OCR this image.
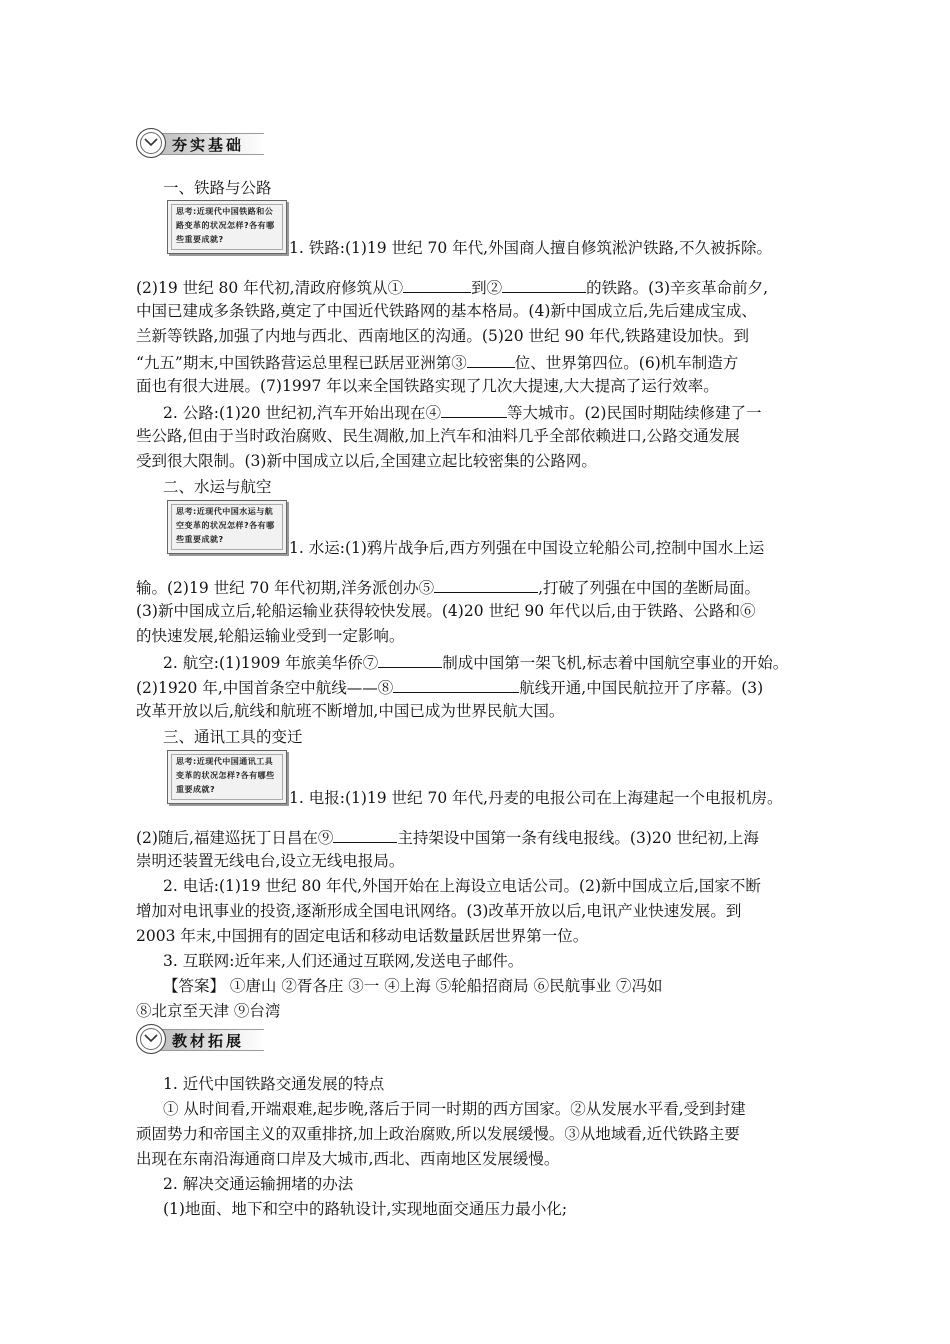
夯实基础
一、铁路与公路
思考:近现代中国铁路和公路变革的状况怎样?各有哪些重要成就?	1. 铁路:(1)19 世纪 70 年代,外国商人擅自修筑淞沪铁路,不久被拆除。
(2)19 世纪 80 年代初,清政府修筑从①	到②	的铁路。(3)辛亥革命前夕,
中国已建成多条铁路,奠定了中国近代铁路网的基本格局。(4)新中国成立后,先后建成宝成、
兰新等铁路,加强了内地与西北、西南地区的沟通。(5)20 世纪 90 年代,铁路建设加快。到
“九五”期末,中国铁路营运总里程已跃居亚洲第③	位、世界第四位。(6)机车制造方
面也有很大进展。(7)1997 年以来全国铁路实现了几次大提速,大大提高了运行效率。
2. 公路:(1)20 世纪初,汽车开始出现在④	等大城市。(2)民国时期陆续修建了一
些公路,但由于当时政治腐败、民生凋敝,加上汽车和油料几乎全部依赖进口,公路交通发展
受到很大限制。(3)新中国成立以后,全国建立起比较密集的公路网。
二、水运与航空
思考:近现代中国水运与航空变革的状况怎样?各有哪些重要成就?	1. 水运:(1)鸦片战争后,西方列强在中国设立轮船公司,控制中国水上运
输。(2)19 世纪 70 年代初期,洋务派创办⑤	,打破了列强在中国的垄断局面。
(3)新中国成立后,轮船运输业获得较快发展。(4)20 世纪 90 年代以后,由于铁路、公路和⑥
的快速发展,轮船运输业受到一定影响。
2. 航空:(1)1909 年旅美华侨⑦	制成中国第一架飞机,标志着中国航空事业的开始。
(2)1920 年,中国首条空中航线——⑧	航线开通,中国民航拉开了序幕。(3)
改革开放以后,航线和航班不断增加,中国已成为世界民航大国。
三、通讯工具的变迁
思考:近现代中国通讯工具变革的状况怎样?各有哪些重要成就?	1. 电报:(1)19 世纪 70 年代,丹麦的电报公司在上海建起一个电报机房。
(2)随后,福建巡抚丁日昌在⑨	主持架设中国第一条有线电报线。(3)20 世纪初,上海
崇明还装置无线电台,设立无线电报局。
2. 电话:(1)19 世纪 80 年代,外国开始在上海设立电话公司。(2)新中国成立后,国家不断
增加对电讯事业的投资,逐渐形成全国电讯网络。(3)改革开放以后,电讯产业快速发展。到
2003 年末,中国拥有的固定电话和移动电话数量跃居世界第一位。
3. 互联网:近年来,人们还通过互联网,发送电子邮件。
【答案】 ①唐山 ②胥各庄 ③一 ④上海 ⑤轮船招商局 ⑥民航事业 ⑦冯如
⑧北京至天津 ⑨台湾
教材拓展
1. 近代中国铁路交通发展的特点
① 从时间看,开端艰难,起步晚,落后于同一时期的西方国家。②从发展水平看,受到封建
顽固势力和帝国主义的双重排挤,加上政治腐败,所以发展缓慢。③从地域看,近代铁路主要
出现在东南沿海通商口岸及大城市,西北、西南地区发展缓慢。
2. 解决交通运输拥堵的办法
(1)地面、地下和空中的路轨设计,实现地面交通压力最小化;
